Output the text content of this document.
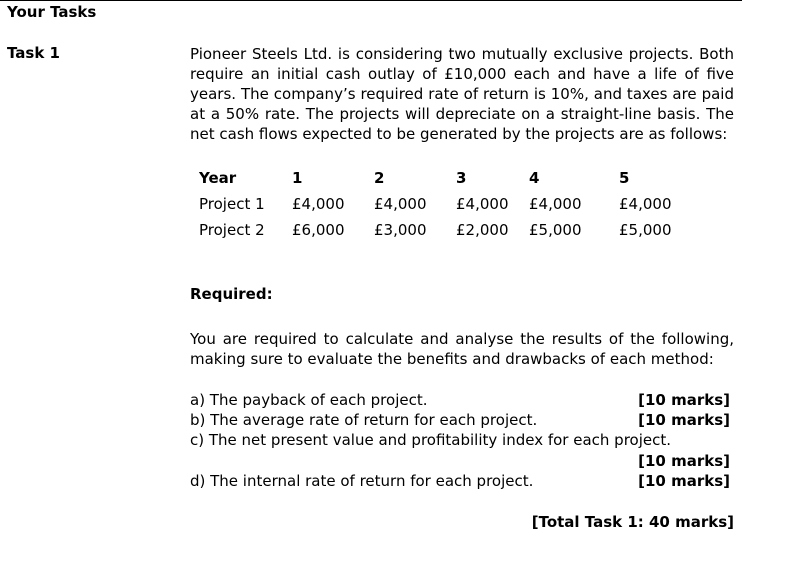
Your Tasks
Task 1	Pioneer Steels Ltd. is considering two mutually exclusive projects. Both require an initial cash outlay of £10,000 each and have a life of five years. The company’s required rate of return is 10%, and taxes are paid at a 50% rate. The projects will depreciate on a straight-line basis. The net cash flows expected to be generated by the projects are as follows:
Year	1	2	3	4	5
Project 1	£4,000	£4,000	£4,000	£4,000	£4,000
Project 2	£6,000	£3,000	£2,000	£5,000	£5,000
Required:
You are required to calculate and analyse the results of the following, making sure to evaluate the benefits and drawbacks of each method:
a) The payback of each project.	[10 marks]
b) The average rate of return for each project.	[10 marks]
c) The net present value and profitability index for each project.
[10 marks]
d) The internal rate of return for each project.	[10 marks]
[Total Task 1: 40 marks]
